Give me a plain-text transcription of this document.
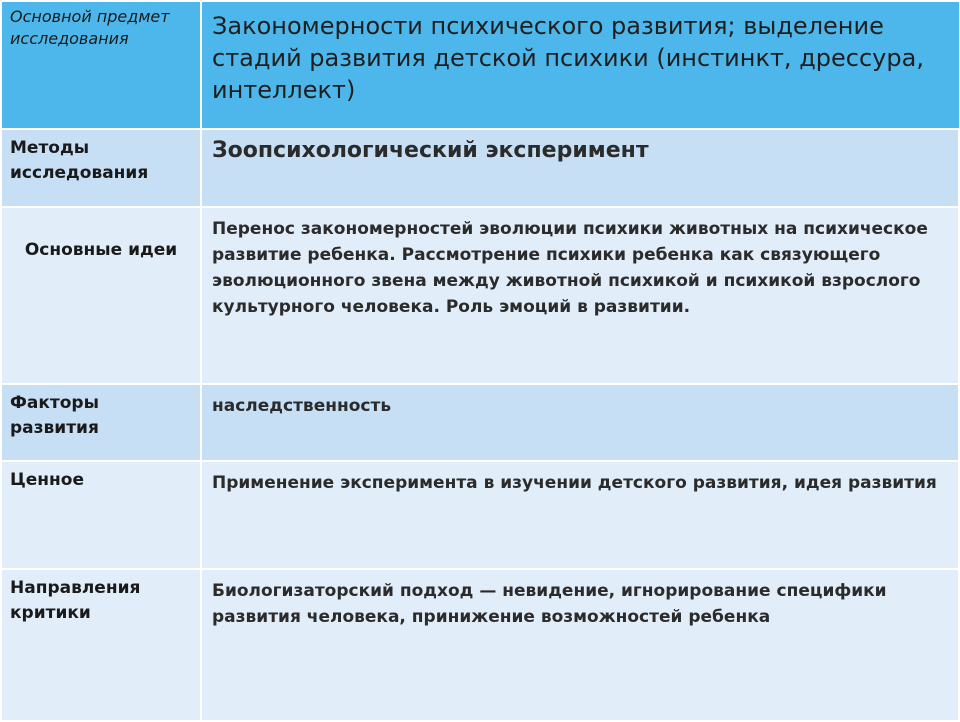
Основной предмет исследования	Закономерности психического развития; выделение стадий развития детской психики (инстинкт, дрессура, интеллект)

Методы исследования	Зоопсихологический эксперимент

Основные идеи	Перенос закономерностей эволюции психики животных на психическое развитие ребенка. Рассмотрение психики ребенка как связующего эволюционного звена между животной психикой и психикой взрослого культурного человека. Роль эмоций в развитии.

Факторы развития	наследственность

Ценное	Применение эксперимента в изучении детского развития, идея развития

Направления критики	Биологизаторский подход — невидение, игнорирование специфики развития человека, принижение возможностей ребенка
